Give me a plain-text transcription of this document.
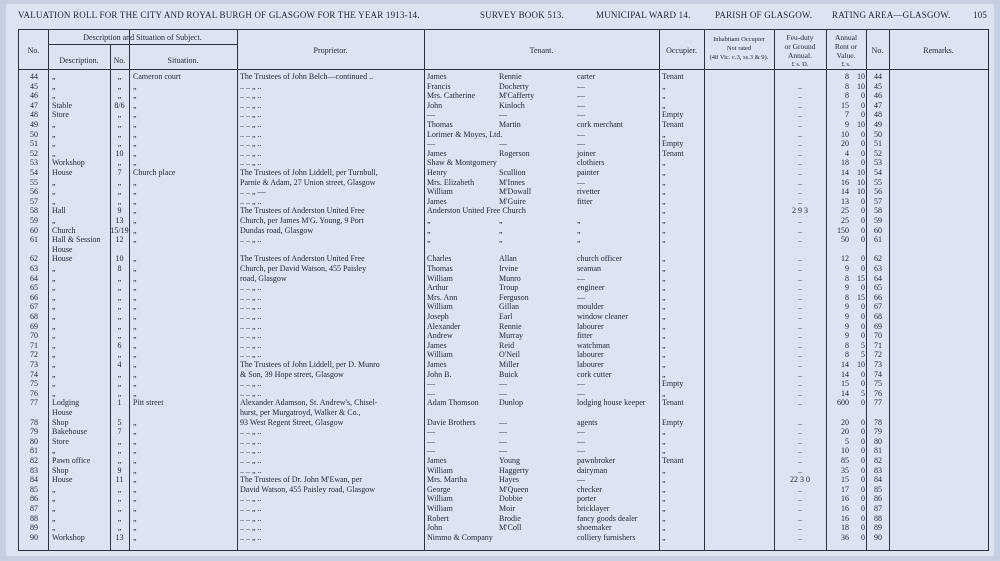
VALUATION ROLL FOR THE CITY AND ROYAL BURGH OF GLASGOW FOR THE YEAR 1913-14.	SURVEY BOOK 513.	MUNICIPAL WARD 14.	PARISH OF GLASGOW. RATING AREA—GLASGOW. 105
No.
Description and Situation of Subject.
Description.	No.	Situation.
Proprietor.	Tenant.	Occupier.
Inhabitant Occupier
Not rated
(48 Vic. c.3, ss.3 & 9).
Feu-duty
or Ground
Annual.
£ s. D.
Annual
Rent or
Value.
£ s.
No.	Remarks.
44	„	„	Cameron court	The Trustees of John Belch—continued ..	James	Rennie	carter	Tenant	8	10	44
45	„	„	„	.. .. „ ..	Francis	Docherty	—	„	..	8	10	45
46	„	„	„	.. .. „ ..	Mrs. Catherine	M'Cafferty	—	„	..	8	0	46
47	Stable	8/6	„	.. .. „ ..	John	Kinloch	—	„	..	15	0	47
48	Store	„	„	.. .. „ ..	—	—	—	Empty	..	7	0	48
49	„	„	„	.. .. „ ..	Thomas	Martin	cork merchant	Tenant	..	9	10	49
50	„	„	„	.. .. „ ..	Lorimer & Moyes, Ltd.	—	„	..	10	0	50
51	„	„	„	.. .. „ ..	—	—	—	Empty	..	20	0	51
52	„	10	„	.. .. „ ..	James	Rogerson	joiner	Tenant	..	4	0	52
53	Workshop	„	„	.. .. „ ..	Shaw & Montgomery	clothiers	„	..	18	0	53
54	House	7	Church place	The Trustees of John Liddell, per Turnbull,	Henry	Scullion	painter	„	..	14	10	54
55	„	„	„	Parnie & Adam, 27 Union street, Glasgow	Mrs. Elizabeth	M'Innes	—	„	..	16	10	55
56	„	„	„	.. .. „ —	William	M'Dowall	rivetter	„	..	14	10	56
57	„	„	„	.. .. „ ..	James	M'Guire	fitter	„	..	13	0	57
58	Hall	9	„	The Trustees of Anderston United Free	Anderston United Free Church	„	2 9 3	25	0	58
59	„	13	„	Church, per James M'G. Young, 9 Port	„	„	„	„	..	25	0	59
60	Church	15/19 „	Dundas road, Glasgow	„	„	„	„	..	150	0	60
61	Hall & Session	12	„	.. .. „ ..	„	„	„	„	..	50	0	61
House
62	House	10	„	The Trustees of Anderston United Free	Charles	Allan	church officer	„	..	12	0	62
63	„	8	„	Church, per David Watson, 455 Paisley	Thomas	Irvine	seaman	„	..	9	0	63
64	„	„	„	road, Glasgow	William	Munro	—	„	..	8	15	64
65	„	„	„	.. .. „ ..	Arthur	Troup	engineer	„	..	9	0	65
66	„	„	„	.. .. „ ..	Mrs. Ann	Ferguson	—	„	..	8	15	66
67	„	„	„	.. .. „ ..	William	Gillan	moulder	„	..	9	0	67
68	„	„	„	.. .. „ ..	Joseph	Earl	window cleaner	„	..	9	0	68
69	„	„	„	.. .. „ ..	Alexander	Rennie	labourer	„	..	9	0	69
70	„	„	„	.. .. „ ..	Andrew	Murray	fitter	„	..	9	0	70
71	„	6	„	.. .. „ ..	James	Reid	watchman	„	..	8	5	71
72	„	„	„	.. .. „ ..	William	O'Neil	labourer	„	..	8	5	72
73	„	4	„	The Trustees of John Liddell, per D. Munro	James	Miller	labourer	„	..	14	10	73
74	„	„	„	& Son, 39 Hope street, Glasgow	John B.	Buick	cork cutter	„	..	14	0	74
75	„	„	„	.. .. „ ..	—	—	—	Empty	..	15	0	75
76	„	„	„	.. .. „ ..	—	—	—	„	..	14	5	76
77	Lodging	1	Pitt street	Alexander Adamson, St. Andrew's, Chisel-	Adam Thomson	Dunlop	lodging house keeper	Tenant	..	600	0	77
House	hurst, per Murgatroyd, Walker & Co.,
78	Shop	5	„	93 West Regent Street, Glasgow	Davie Brothers	—	agents	Empty	..	20	0	78
79	Bakehouse	7	„	.. .. „ ..	—	—	—	„	..	20	0	79
80	Store	„	„	.. .. „ ..	—	—	—	„	..	5	0	80
81	„	„	„	.. .. „ ..	—	—	—	„	..	10	0	81
82	Pawn office	„	„	.. .. „ ..	James	Young	pawnbroker	Tenant	..	85	0	82
83	Shop	9	„	.. .. „ ..	William	Haggerty	dairyman	„	..	35	0	83
84	House	11	„	The Trustees of Dr. John M'Ewan, per	Mrs. Martha	Hayes	—	„	22 3 0	15	0	84
85	„	„	„	David Watson, 455 Paisley road, Glasgow	George	M'Queen	checker	„	..	17	0	85
86	„	„	„	.. .. „ ..	William	Dobbie	porter	„	..	16	0	86
87	„	„	„	.. .. „ ..	William	Moir	bricklayer	„	..	16	0	87
88	„	„	„	.. .. „ ..	Robert	Brodie	fancy goods dealer	„	..	16	0	88
89	„	„	„	.. .. „ ..	John	M'Coll	shoemaker	„	..	18	0	89
90	Workshop	13	„	.. .. „ ..	Nimmo & Company	colliery furnishers	„	..	36	0	90
